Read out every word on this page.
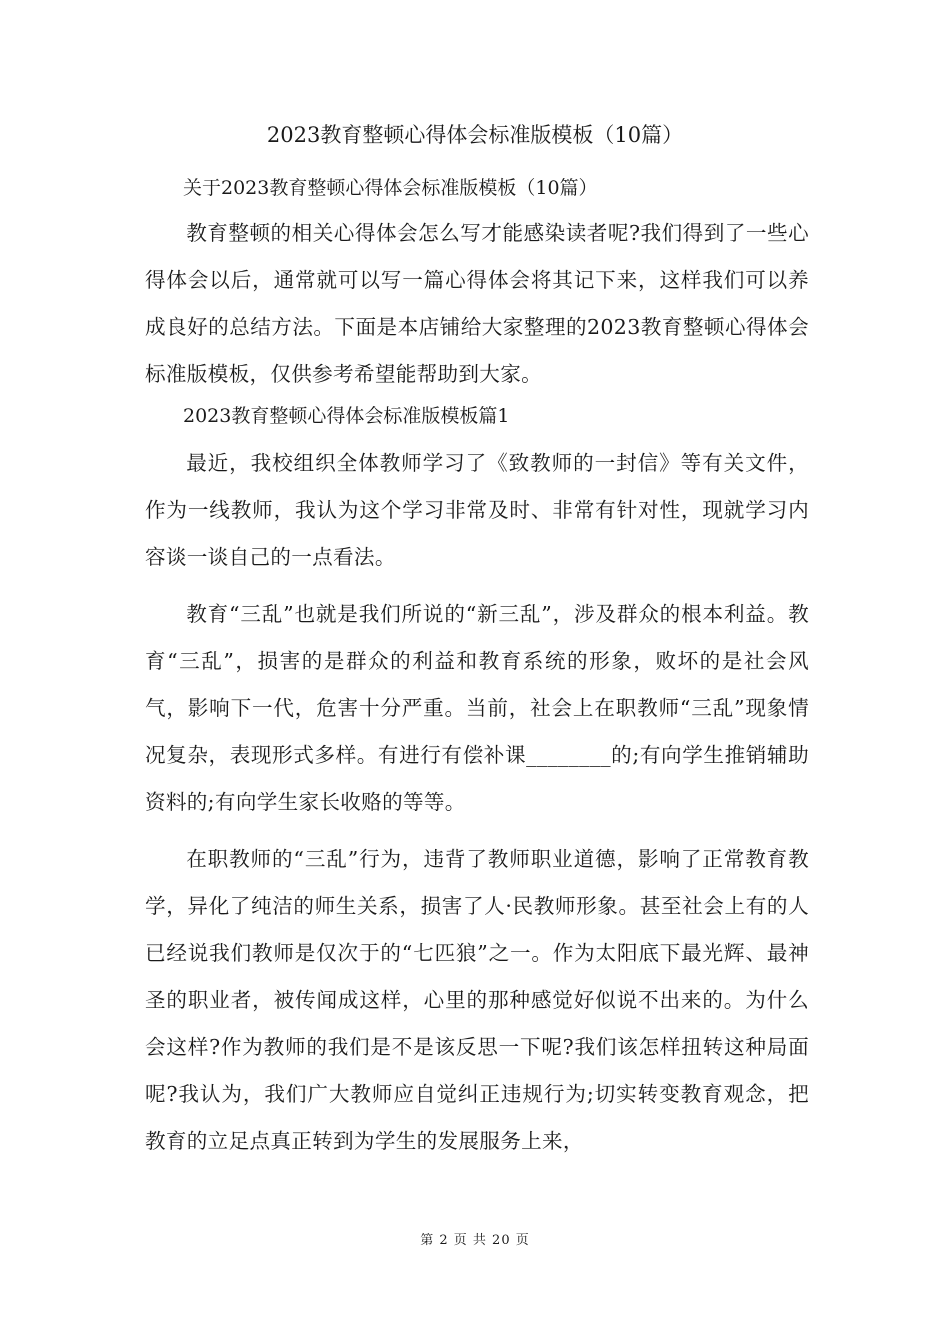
2023教育整顿心得体会标准版模板（10篇）

关于2023教育整顿心得体会标准版模板（10篇）

教育整顿的相关心得体会怎么写才能感染读者呢?我们得到了一些心得体会以后，通常就可以写一篇心得体会将其记下来，这样我们可以养成良好的总结方法。下面是本店铺给大家整理的2023教育整顿心得体会标准版模板，仅供参考希望能帮助到大家。

2023教育整顿心得体会标准版模板篇1

最近，我校组织全体教师学习了《致教师的一封信》等有关文件，作为一线教师，我认为这个学习非常及时、非常有针对性，现就学习内容谈一谈自己的一点看法。

教育“三乱”也就是我们所说的“新三乱”，涉及群众的根本利益。教育“三乱”，损害的是群众的利益和教育系统的形象，败坏的是社会风气，影响下一代，危害十分严重。当前，社会上在职教师“三乱”现象情况复杂，表现形式多样。有进行有偿补课________的;有向学生推销辅助资料的;有向学生家长收赂的等等。

在职教师的“三乱”行为，违背了教师职业道德，影响了正常教育教学，异化了纯洁的师生关系，损害了人·民教师形象。甚至社会上有的人已经说我们教师是仅次于的“七匹狼”之一。作为太阳底下最光辉、最神圣的职业者，被传闻成这样，心里的那种感觉好似说不出来的。为什么会这样?作为教师的我们是不是该反思一下呢?我们该怎样扭转这种局面呢?我认为，我们广大教师应自觉纠正违规行为;切实转变教育观念，把教育的立足点真正转到为学生的发展服务上来，

第 2 页 共 20 页
